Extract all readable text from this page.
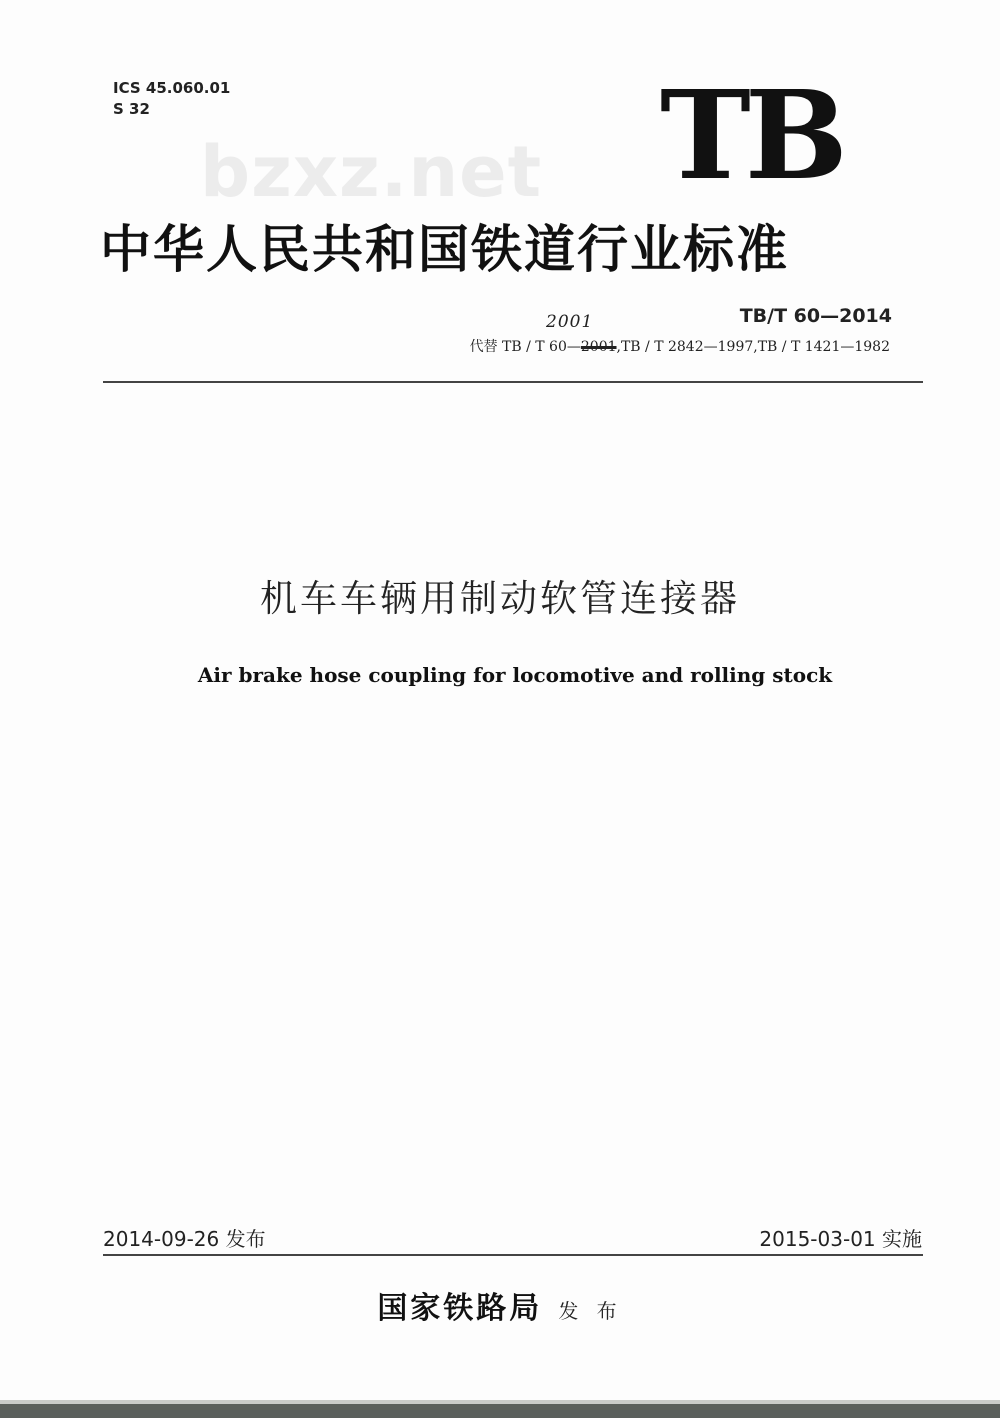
ICS 45.060.01
S 32
bzxz.net TB
中华人民共和国铁道行业标准
TB/T 60—2014
2001
代替 TB / T 60—2001,TB / T 2842—1997,TB / T 1421—1982
机车车辆用制动软管连接器
Air brake hose coupling for locomotive and rolling stock
2014-09-26 发布	2015-03-01 实施
国家铁路局 发 布
